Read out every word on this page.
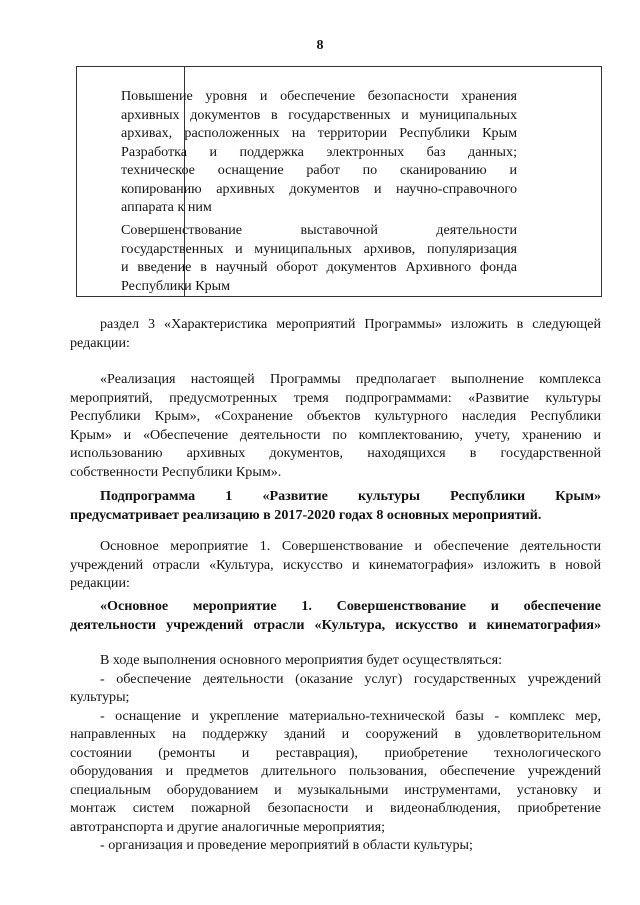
8
Повышение уровня и обеспечение безопасности хранения
архивных документов в государственных и муниципальных
архивах, расположенных на территории Республики Крым
Разработка и поддержка электронных баз данных;
техническое оснащение работ по сканированию и
копированию архивных документов и научно-справочного
аппарата к ним
Совершенствование выставочной деятельности
государственных и муниципальных архивов, популяризация
и введение в научный оборот документов Архивного фонда
Республики Крым
раздел 3 «Характеристика мероприятий Программы» изложить в следующей
редакции:
«Реализация настоящей Программы предполагает выполнение комплекса
мероприятий, предусмотренных тремя подпрограммами: «Развитие культуры
Республики Крым», «Сохранение объектов культурного наследия Республики
Крым» и «Обеспечение деятельности по комплектованию, учету, хранению и
использованию архивных документов, находящихся в государственной
собственности Республики Крым».
Подпрограмма 1 «Развитие культуры Республики Крым»
предусматривает реализацию в 2017-2020 годах 8 основных мероприятий.
Основное мероприятие 1. Совершенствование и обеспечение деятельности
учреждений отрасли «Культура, искусство и кинематография» изложить в новой
редакции:
«Основное мероприятие 1. Совершенствование и обеспечение
деятельности учреждений отрасли «Культура, искусство и кинематография»
В ходе выполнения основного мероприятия будет осуществляться:
- обеспечение деятельности (оказание услуг) государственных учреждений
культуры;
- оснащение и укрепление материально-технической базы - комплекс мер,
направленных на поддержку зданий и сооружений в удовлетворительном
состоянии (ремонты и реставрация), приобретение технологического
оборудования и предметов длительного пользования, обеспечение учреждений
специальным оборудованием и музыкальными инструментами, установку и
монтаж систем пожарной безопасности и видеонаблюдения, приобретение
автотранспорта и другие аналогичные мероприятия;
- организация и проведение мероприятий в области культуры;
